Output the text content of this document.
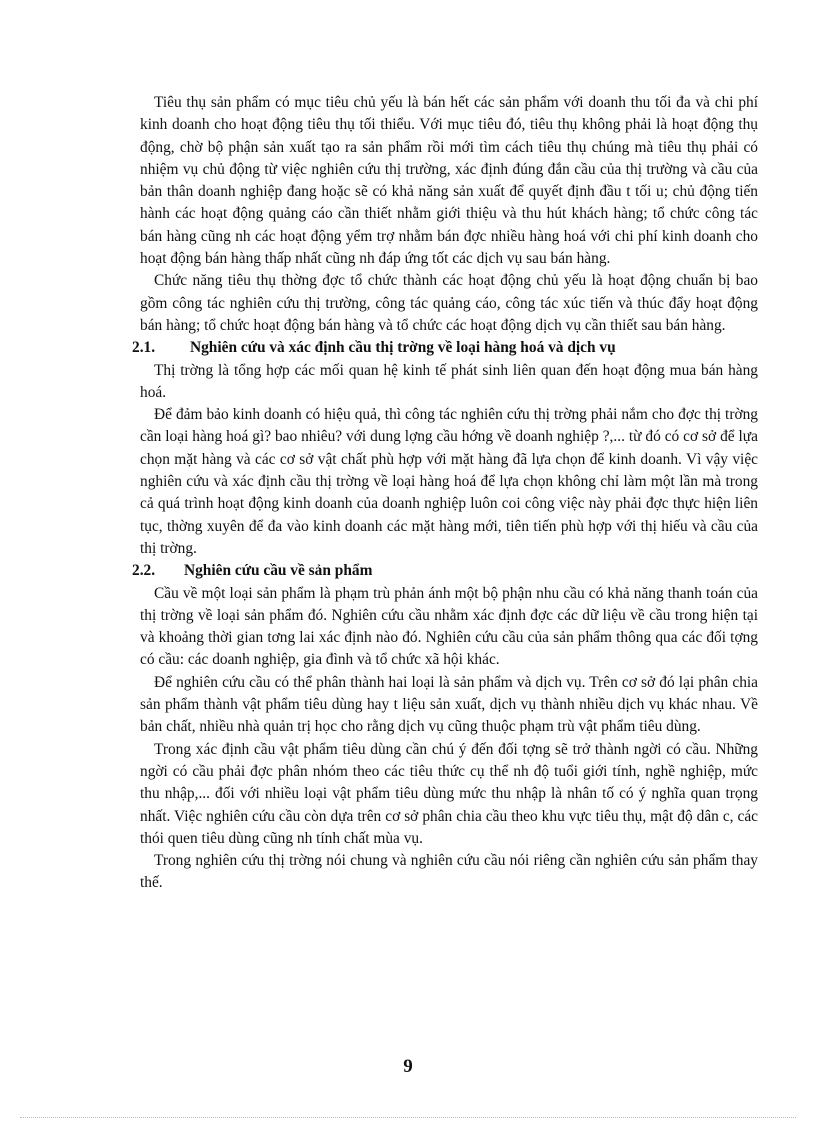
Tiêu thụ sản phẩm có mục tiêu chủ yếu là bán hết các sản phẩm với doanh thu tối đa và chi phí kinh doanh cho hoạt động tiêu thụ tối thiểu. Với mục tiêu đó, tiêu thụ không phải là hoạt động thụ động, chờ bộ phận sản xuất tạo ra sản phẩm rồi mới tìm cách tiêu thụ chúng mà tiêu thụ phải có nhiệm vụ chủ động từ việc nghiên cứu thị trường, xác định đúng đắn cầu của thị trường và cầu của bản thân doanh nghiệp đang hoặc sẽ có khả năng sản xuất để quyết định đầu t tối u; chủ động tiến hành các hoạt động quảng cáo cần thiết nhằm giới thiệu và thu hút khách hàng; tổ chức công tác bán hàng cũng nh các hoạt động yểm trợ nhằm bán đợc nhiều hàng hoá với chi phí kinh doanh cho hoạt động bán hàng thấp nhất cũng nh đáp ứng tốt các dịch vụ sau bán hàng.

Chức năng tiêu thụ thờng đợc tổ chức thành các hoạt động chủ yếu là hoạt động chuẩn bị bao gồm công tác nghiên cứu thị trường, công tác quảng cáo, công tác xúc tiến và thúc đẩy hoạt động bán hàng; tổ chức hoạt động bán hàng và tổ chức các hoạt động dịch vụ cần thiết sau bán hàng.

2.1.	Nghiên cứu và xác định cầu thị trờng về loại hàng hoá và dịch vụ

Thị trờng là tổng hợp các mối quan hệ kinh tế phát sinh liên quan đến hoạt động mua bán hàng hoá.

Để đảm bảo kinh doanh có hiệu quả, thì công tác nghiên cứu thị trờng phải nắm cho đợc thị trờng cần loại hàng hoá gì? bao nhiêu? với dung lợng cầu hớng về doanh nghiệp ?,... từ đó có cơ sở để lựa chọn mặt hàng và các cơ sở vật chất phù hợp với mặt hàng đã lựa chọn để kinh doanh. Vì vậy việc nghiên cứu và xác định cầu thị trờng về loại hàng hoá để lựa chọn không chỉ làm một lần mà trong cả quá trình hoạt động kinh doanh của doanh nghiệp luôn coi công việc này phải đợc thực hiện liên tục, thờng xuyên để đa vào kinh doanh các mặt hàng mới, tiên tiến phù hợp với thị hiếu và cầu của thị trờng.

2.2.	Nghiên cứu cầu về sản phẩm

Cầu về một loại sản phẩm là phạm trù phản ánh một bộ phận nhu cầu có khả năng thanh toán của thị trờng về loại sản phẩm đó. Nghiên cứu cầu nhằm xác định đợc các dữ liệu về cầu trong hiện tại và khoảng thời gian tơng lai xác định nào đó. Nghiên cứu cầu của sản phẩm thông qua các đối tợng có cầu: các doanh nghiệp, gia đình và tổ chức xã hội khác.

Để nghiên cứu cầu có thể phân thành hai loại là sản phẩm và dịch vụ. Trên cơ sở đó lại phân chia sản phẩm thành vật phẩm tiêu dùng hay t liệu sản xuất, dịch vụ thành nhiều dịch vụ khác nhau. Về bản chất, nhiều nhà quản trị học cho rằng dịch vụ cũng thuộc phạm trù vật phẩm tiêu dùng.

Trong xác định cầu vật phẩm tiêu dùng cần chú ý đến đối tợng sẽ trở thành ngời có cầu. Những ngời có cầu phải đợc phân nhóm theo các tiêu thức cụ thể nh độ tuổi giới tính, nghề nghiệp, mức thu nhập,... đối với nhiều loại vật phẩm tiêu dùng mức thu nhập là nhân tố có ý nghĩa quan trọng nhất. Việc nghiên cứu cầu còn dựa trên cơ sở phân chia cầu theo khu vực tiêu thụ, mật độ dân c, các thói quen tiêu dùng cũng nh tính chất mùa vụ.

Trong nghiên cứu thị trờng nói chung và nghiên cứu cầu nói riêng cần nghiên cứu sản phẩm thay thế.

9
